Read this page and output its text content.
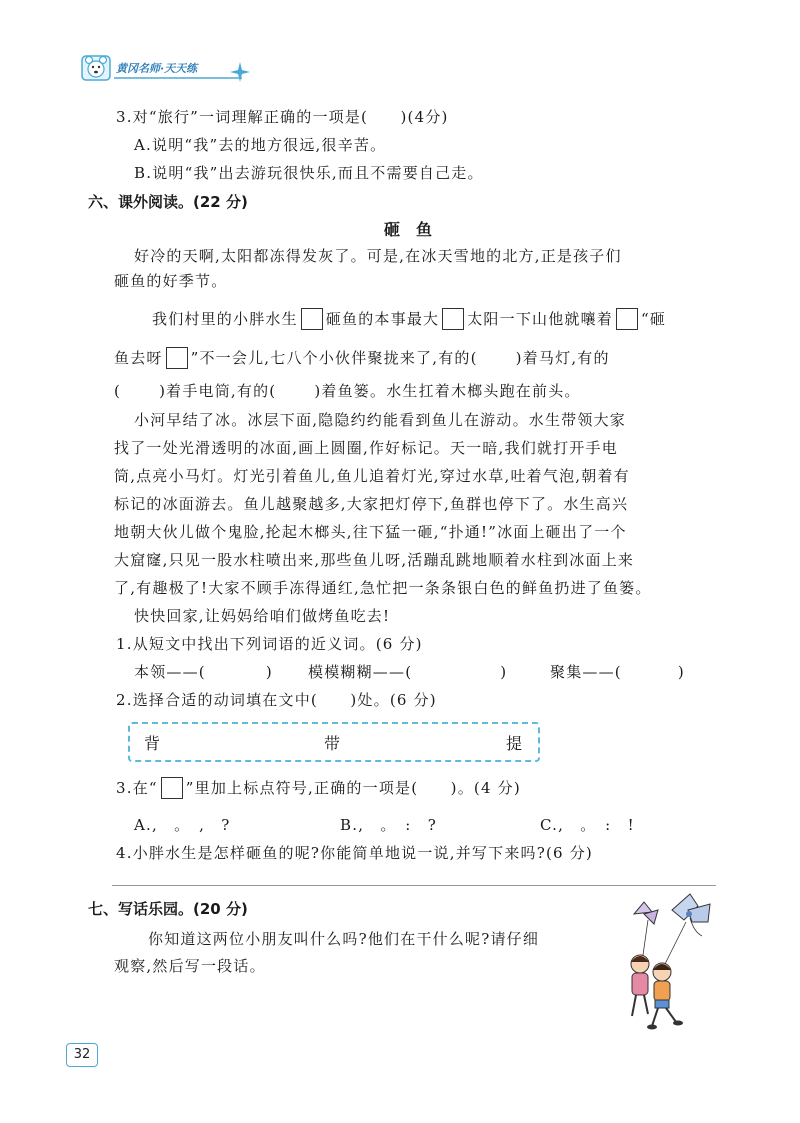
黄冈名师·天天练
3.对“旅行”一词理解正确的一项是(　　)(4分)
A.说明“我”去的地方很远,很辛苦。
B.说明“我”出去游玩很快乐,而且不需要自己走。
六、课外阅读。(22 分)
砸　鱼
好冷的天啊,太阳都冻得发灰了。可是,在冰天雪地的北方,正是孩子们
砸鱼的好季节。
我们村里的小胖水生 砸鱼的本事最大 太阳一下山他就嚷着 “砸
鱼去呀 ”不一会儿,七八个小伙伴聚拢来了,有的(	)着马灯,有的
(	)着手电筒,有的(	)着鱼篓。水生扛着木榔头跑在前头。
小河早结了冰。冰层下面,隐隐约约能看到鱼儿在游动。水生带领大家
找了一处光滑透明的冰面,画上圆圈,作好标记。天一暗,我们就打开手电
筒,点亮小马灯。灯光引着鱼儿,鱼儿追着灯光,穿过水草,吐着气泡,朝着有
标记的冰面游去。鱼儿越聚越多,大家把灯停下,鱼群也停下了。水生高兴
地朝大伙儿做个鬼脸,抡起木榔头,往下猛一砸,“扑通!”冰面上砸出了一个
大窟窿,只见一股水柱喷出来,那些鱼儿呀,活蹦乱跳地顺着水柱到冰面上来
了,有趣极了!大家不顾手冻得通红,急忙把一条条银白色的鲜鱼扔进了鱼篓。
快快回家,让妈妈给咱们做烤鱼吃去!
1.从短文中找出下列词语的近义词。(6 分)
本领——(	) 模模糊糊——(	)	聚集——(	)
2.选择合适的动词填在文中(　　)处。(6 分)
背	带	提
3.在“ ”里加上标点符号,正确的一项是(　　)。(4 分)
A.,　。　,　?	B.,　。　:　?	C.,　。　:　!
4.小胖水生是怎样砸鱼的呢?你能简单地说一说,并写下来吗?(6 分)
七、写话乐园。(20 分)
你知道这两位小朋友叫什么吗?他们在干什么呢?请仔细
观察,然后写一段话。
32
